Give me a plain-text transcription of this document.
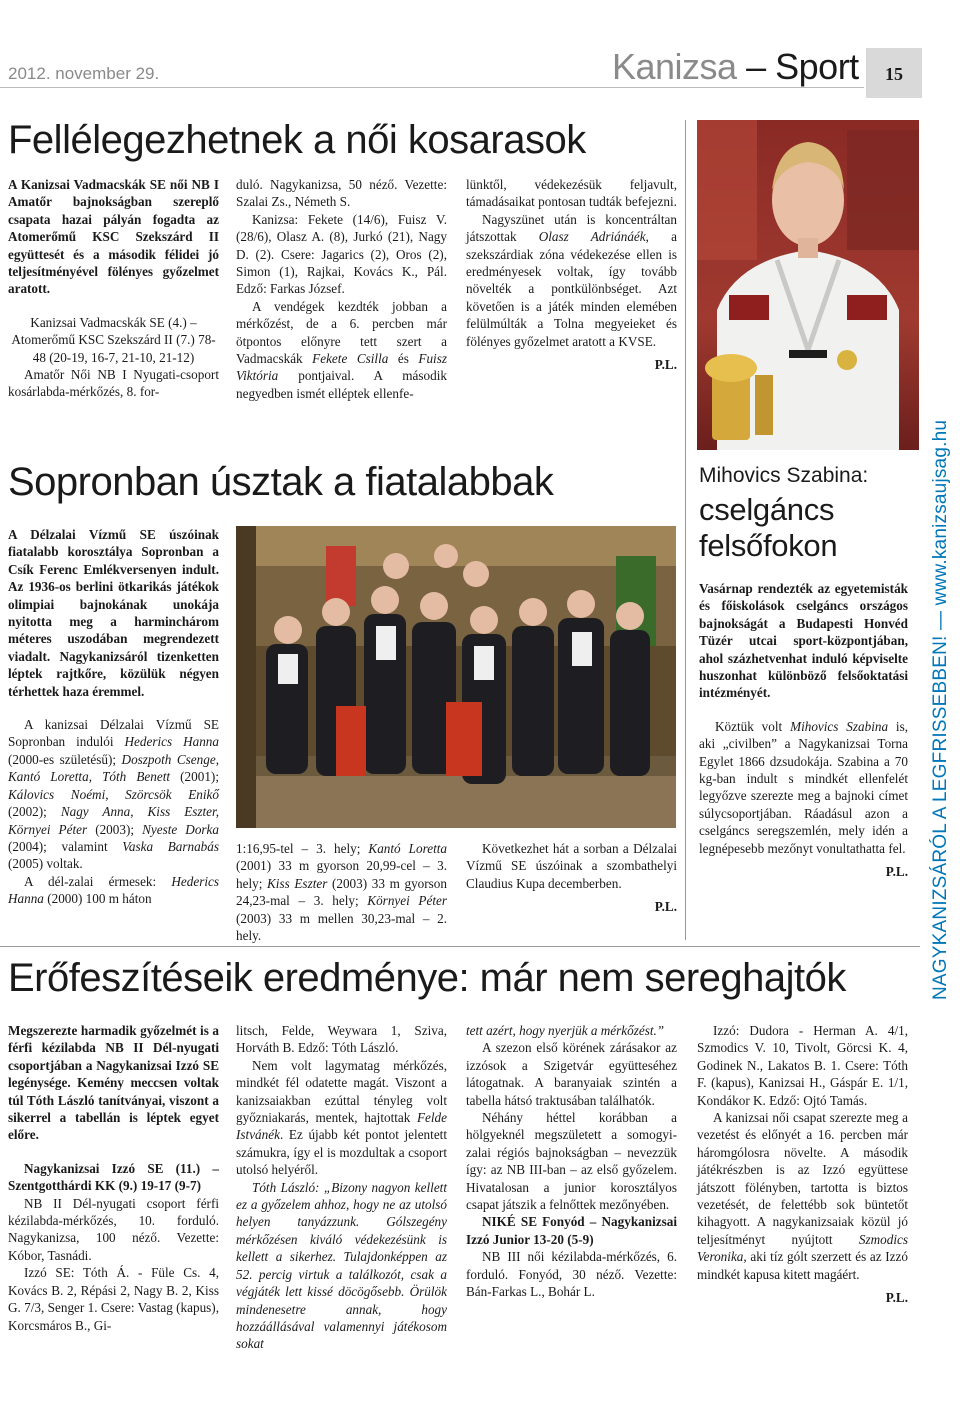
2012. november 29.	Kanizsa – Sport	15
Fellélegezhetnek a női kosarasok

A Kanizsai Vadmacskák SE női NB I Amatőr bajnokságban szereplő csapata hazai pályán fogadta az Atomerőmű KSC Szekszárd II együttesét és a második félidei jó teljesítményével fölényes győzelmet aratott.

Kanizsai Vadmacskák SE (4.) – Atomerőmű KSC Szekszárd II (7.) 78-48 (20-19, 16-7, 21-10, 21-12)

Amatőr Női NB I Nyugati-csoport kosárlabda-mérkőzés, 8. for-

duló. Nagykanizsa, 50 néző. Vezette: Szalai Zs., Németh S.

Kanizsa: Fekete (14/6), Fuisz V. (28/6), Olasz A. (8), Jurkó (21), Nagy D. (2). Csere: Jagarics (2), Oros (2), Simon (1), Rajkai, Kovács K., Pál. Edző: Farkas József.

A vendégek kezdték jobban a mérkőzést, de a 6. percben már ötpontos előnyre tett szert a Vadmacskák Fekete Csilla és Fuisz Viktória pontjaival. A második negyedben ismét elléptek ellenfe-

lünktől, védekezésük feljavult, támadásaikat pontosan tudták befejezni.

Nagyszünet után is koncentráltan játszottak Olasz Adriánáék, a szekszárdiak zóna védekezése ellen is eredményesek voltak, így tovább növelték a pontkülönbséget. Azt követően is a játék minden elemében felülmúlták a Tolna megyeieket és fölényes győzelmet aratott a KVSE.

P.L.

Mihovics Szabina:
cselgáncs
felsőfokon

Vasárnap rendezték az egyetemisták és főiskolások cselgáncs országos bajnokságát a Budapesti Honvéd Tüzér utcai sport-központjában, ahol százhetvenhat induló képviselte huszonhat különböző felsőoktatási intézményét.

Köztük volt Mihovics Szabina is, aki „civilben” a Nagykanizsai Torna Egylet 1866 dzsudokája. Szabina a 70 kg-ban indult s mindkét ellenfelét legyőzve szerezte meg a bajnoki címet súlycsoportjában. Ráadásul azon a cselgáncs seregszemlén, mely idén a legnépesebb mezőnyt vonultathatta fel.

P.L.

Sopronban úsztak a fiatalabbak

A Délzalai Vízmű SE úszóinak fiatalabb korosztálya Sopronban a Csík Ferenc Emlékversenyen indult. Az 1936-os berlini ötkarikás játékok olimpiai bajnokának unokája nyitotta meg a harminchárom méteres uszodában megrendezett viadalt. Nagykanizsáról tizenketten léptek rajtkőre, közülük négyen térhettek haza éremmel.

A kanizsai Délzalai Vízmű SE Sopronban indulói Hederics Hanna (2000-es születésű); Doszpoth Csenge, Kantó Loretta, Tóth Benett (2001); Kálovics Noémi, Szörcsök Enikő (2002); Nagy Anna, Kiss Eszter, Környei Péter (2003); Nyeste Dorka (2004); valamint Vaska Barnabás (2005) voltak.

A dél-zalai érmesek: Hederics Hanna (2000) 100 m háton

1:16,95-tel – 3. hely; Kantó Loretta (2001) 33 m gyorson 20,99-cel – 3. hely; Kiss Eszter (2003) 33 m gyorson 24,23-mal – 3. hely; Környei Péter (2003) 33 m mellen 30,23-mal – 2. hely.

Következhet hát a sorban a Délzalai Vízmű SE úszóinak a szombathelyi Claudius Kupa decemberben.

P.L.

Erőfeszítéseik eredménye: már nem sereghajtók

Megszerezte harmadik győzelmét is a férfi kézilabda NB II Dél-nyugati csoportjában a Nagykanizsai Izzó SE legénysége. Kemény meccsen voltak túl Tóth László tanítványai, viszont a sikerrel a tabellán is léptek egyet előre.

Nagykanizsai Izzó SE (11.) – Szentgotthárdi KK (9.) 19-17 (9-7)

NB II Dél-nyugati csoport férfi kézilabda-mérkőzés, 10. forduló. Nagykanizsa, 100 néző. Vezette: Kóbor, Tasnádi.

Izzó SE: Tóth Á. - Füle Cs. 4, Kovács B. 2, Répási 2, Nagy B. 2, Kiss G. 7/3, Senger 1. Csere: Vastag (kapus), Korcsmáros B., Gi-

litsch, Felde, Weywara 1, Sziva, Horváth B. Edző: Tóth László.

Nem volt lagymatag mérkőzés, mindkét fél odatette magát. Viszont a kanizsaiakban ezúttal tényleg volt győzniakarás, mentek, hajtottak Felde Istvánék. Ez újabb két pontot jelentett számukra, így el is mozdultak a csoport utolsó helyéről.

Tóth László: „Bizony nagyon kellett ez a győzelem ahhoz, hogy ne az utolsó helyen tanyázzunk. Gólszegény mérkőzésen kiváló védekezésünk is kellett a sikerhez. Tulajdonképpen az 52. percig virtuk a találkozót, csak a végjáték lett kissé döcögősebb. Örülök mindenesetre annak, hogy hozzáállásával valamennyi játékosom sokat

tett azért, hogy nyerjük a mérkőzést.”

A szezon első körének zárásakor az izzósok a Szigetvár együtteséhez látogatnak. A baranyaiak szintén a tabella hátsó traktusában találhatók.

Néhány héttel korábban a hölgyeknél megszületett a somogyi-zalai régiós bajnokságban – nevezzük így: az NB III-ban – az első győzelem. Hivatalosan a junior korosztályos csapat játszik a felnőttek mezőnyében.

NIKÉ SE Fonyód – Nagykanizsai Izzó Junior 13-20 (5-9)

NB III női kézilabda-mérkőzés, 6. forduló. Fonyód, 30 néző. Vezette: Bán-Farkas L., Bohár L.

Izzó: Dudora - Herman A. 4/1, Szmodics V. 10, Tivolt, Görcsi K. 4, Godinek N., Lakatos B. 1. Csere: Tóth F. (kapus), Kanizsai H., Gáspár E. 1/1, Kondákor K. Edző: Ojtó Tamás.

A kanizsai női csapat szerezte meg a vezetést és előnyét a 16. percben már háromgólosra növelte. A második játékrészben is az Izzó együttese játszott fölényben, tartotta is biztos vezetését, de felettébb sok büntetőt kihagyott. A nagykanizsaiak közül jó teljesítményt nyújtott Szmodics Veronika, aki tíz gólt szerzett és az Izzó mindkét kapusa kitett magáért.

P.L.
